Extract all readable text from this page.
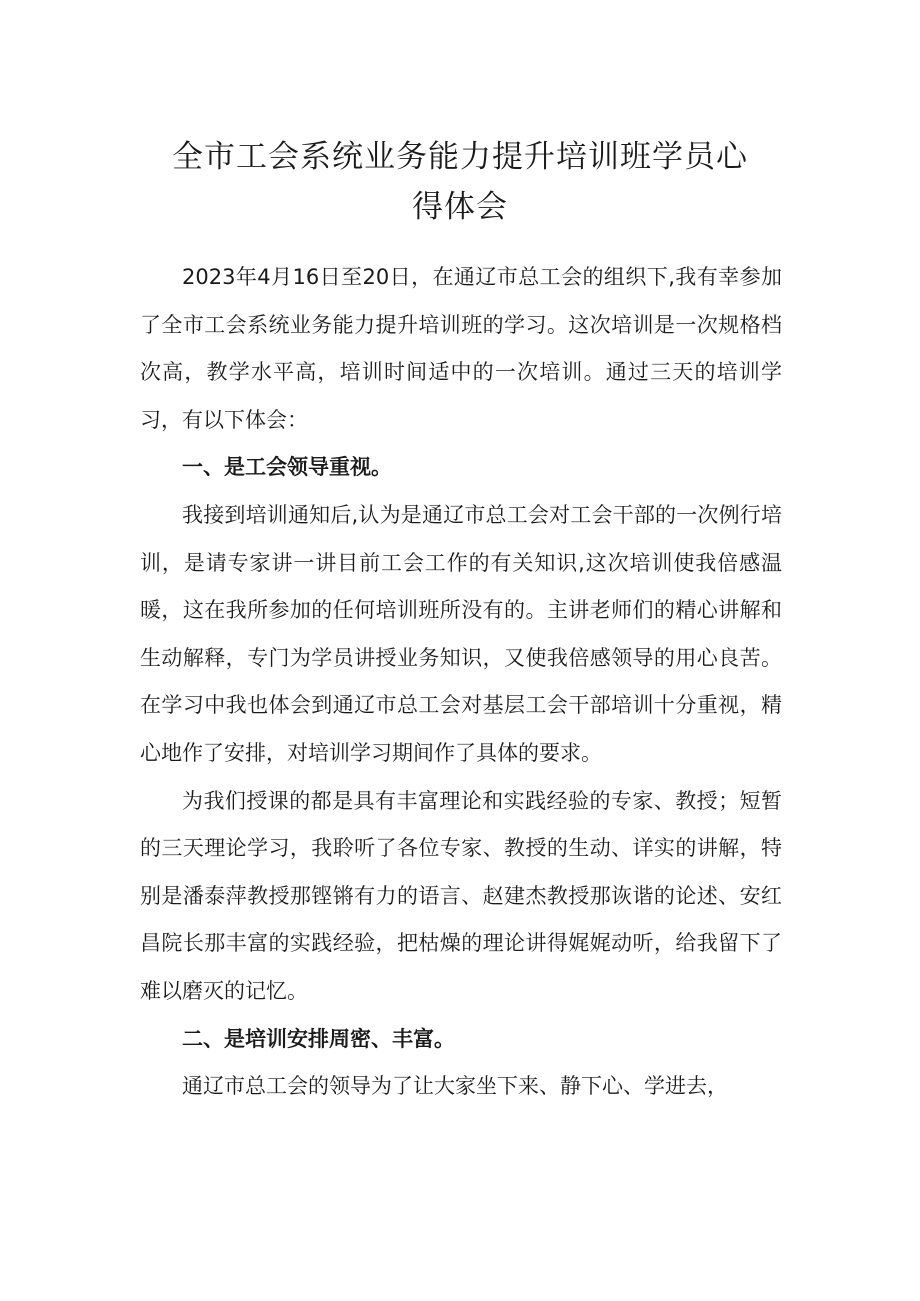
全市工会系统业务能力提升培训班学员心
得体会

2023年4月16日至20日，在通辽市总工会的组织下,我有幸参加了全市工会系统业务能力提升培训班的学习。这次培训是一次规格档次高，教学水平高，培训时间适中的一次培训。通过三天的培训学习，有以下体会：

一、是工会领导重视。

我接到培训通知后,认为是通辽市总工会对工会干部的一次例行培训，是请专家讲一讲目前工会工作的有关知识,这次培训使我倍感温暖，这在我所参加的任何培训班所没有的。主讲老师们的精心讲解和生动解释，专门为学员讲授业务知识，又使我倍感领导的用心良苦。在学习中我也体会到通辽市总工会对基层工会干部培训十分重视，精心地作了安排，对培训学习期间作了具体的要求。

为我们授课的都是具有丰富理论和实践经验的专家、教授；短暂的三天理论学习，我聆听了各位专家、教授的生动、详实的讲解，特别是潘泰萍教授那铿锵有力的语言、赵建杰教授那诙谐的论述、安红昌院长那丰富的实践经验，把枯燥的理论讲得娓娓动听，给我留下了难以磨灭的记忆。

二、是培训安排周密、丰富。

通辽市总工会的领导为了让大家坐下来、静下心、学进去，
